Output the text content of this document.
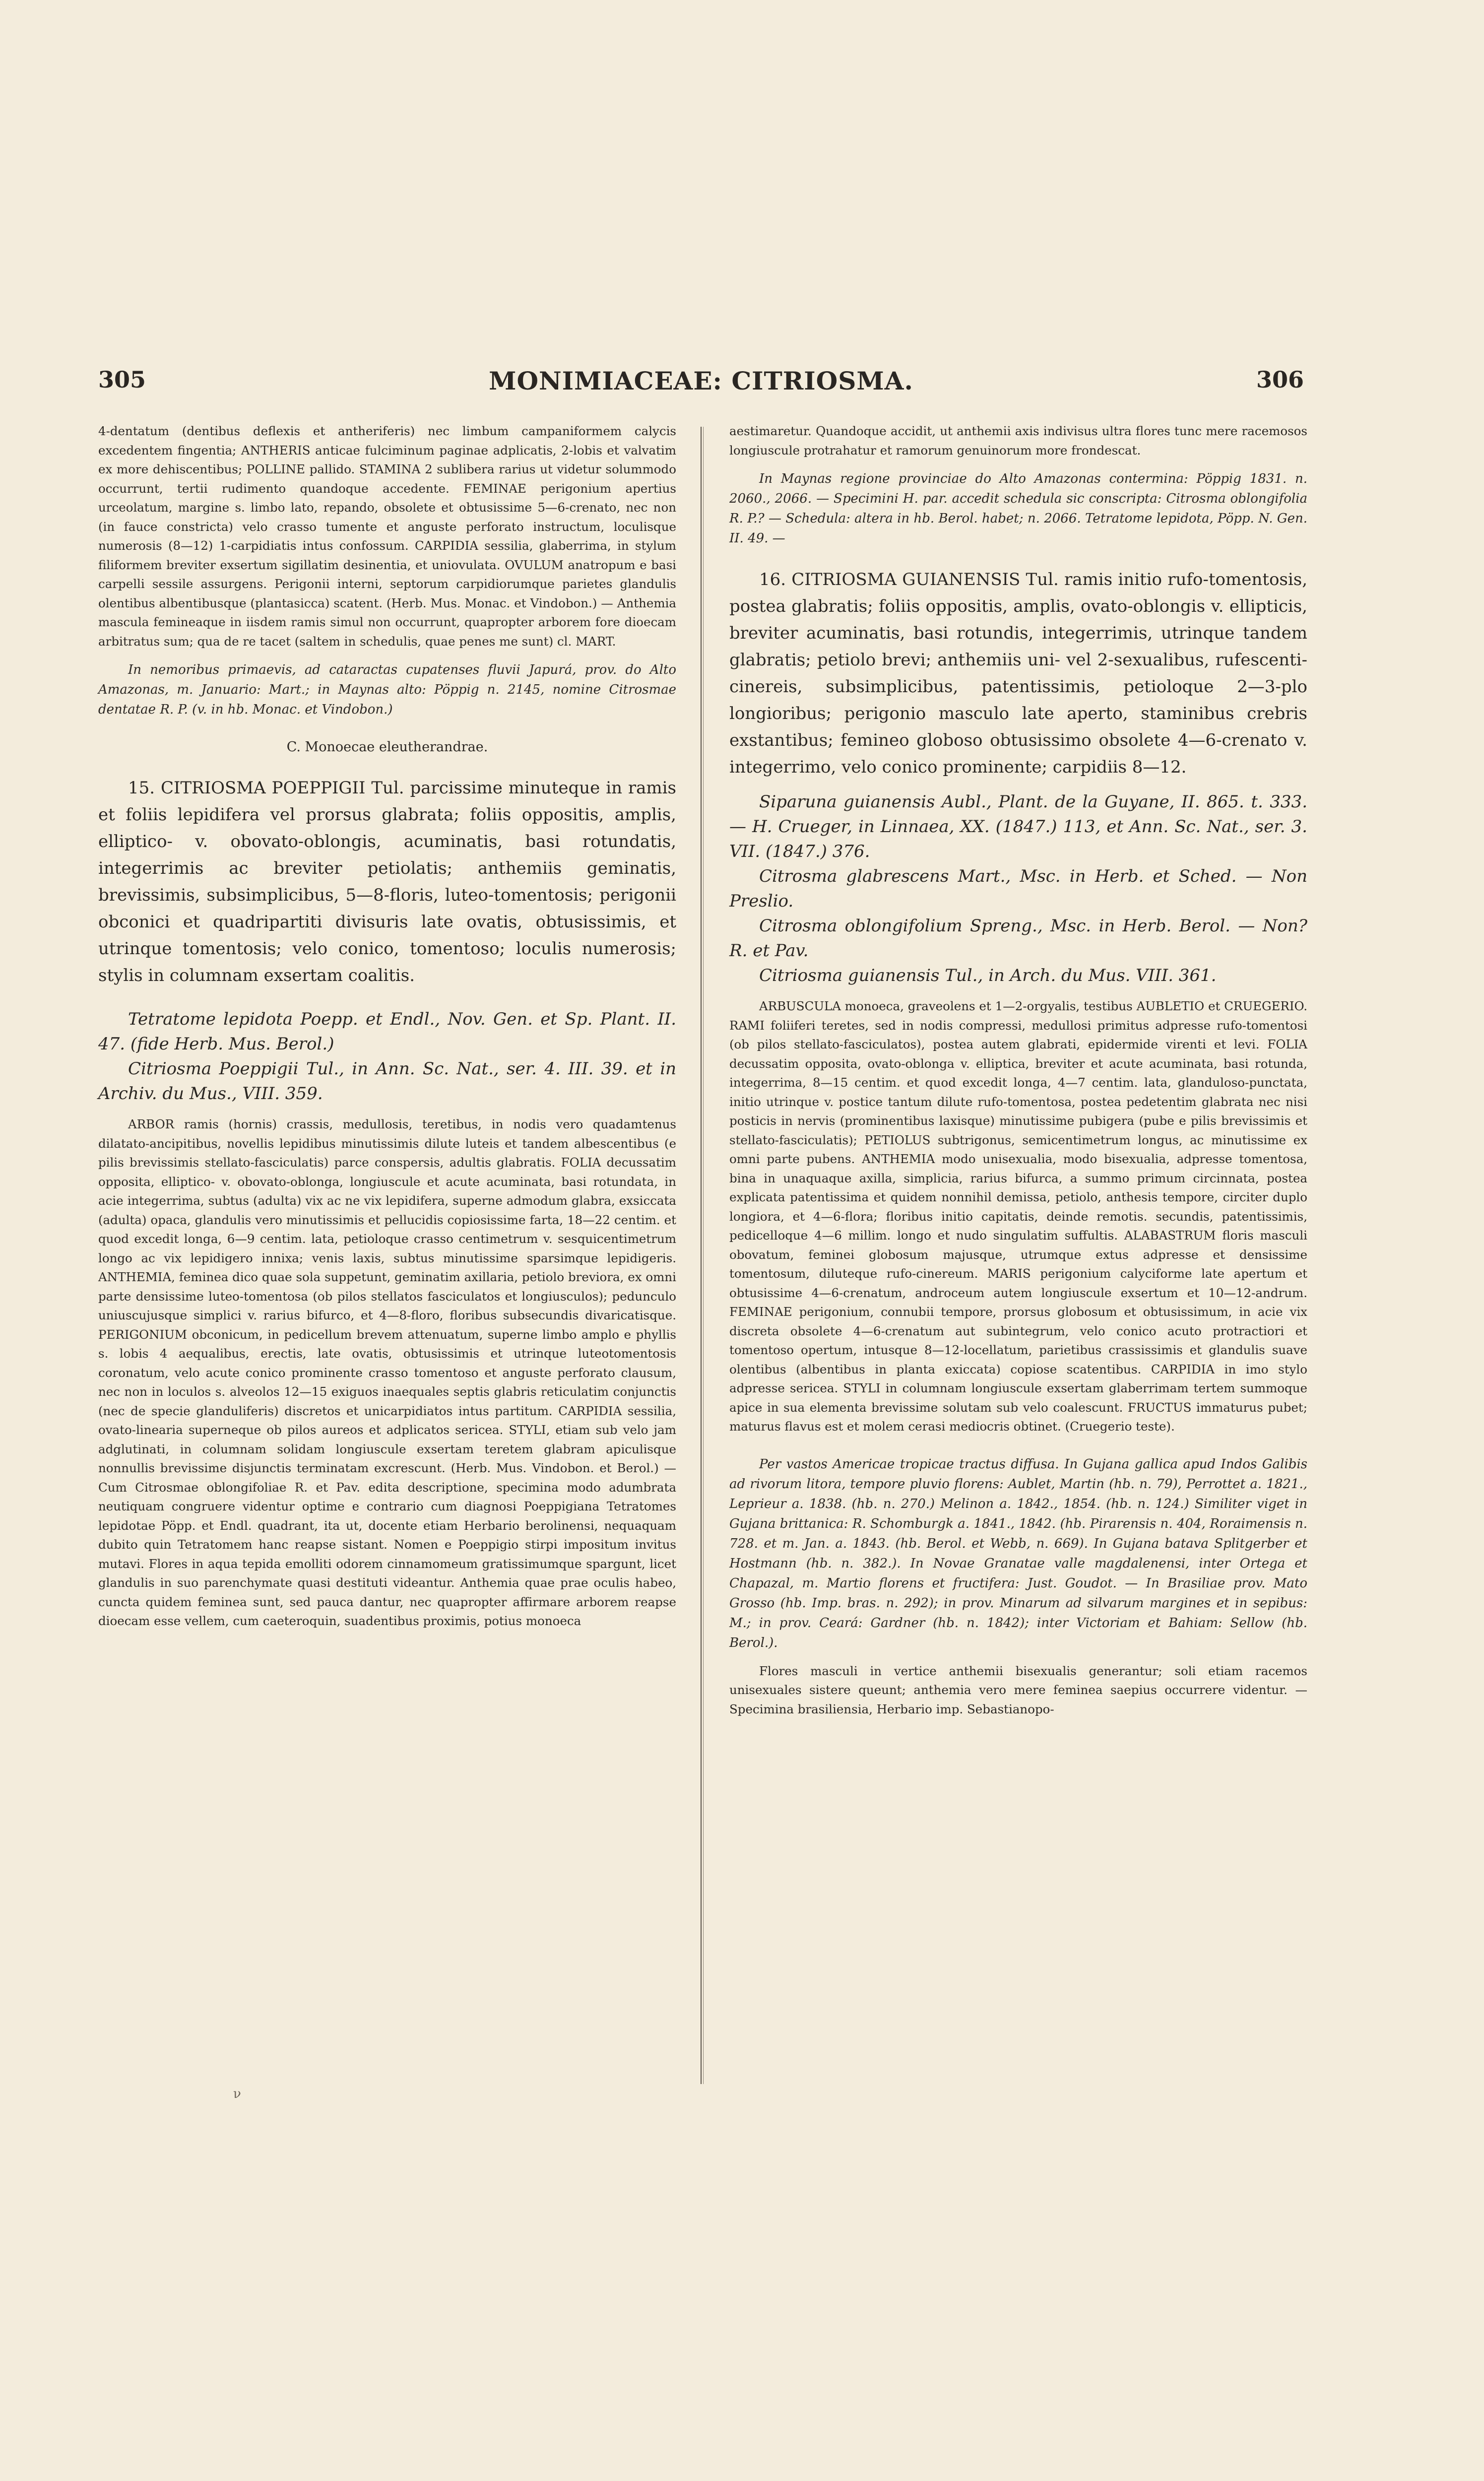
305	MONIMIACEAE: CITRIOSMA.	306

4-dentatum (dentibus deflexis et antheriferis) nec limbum campaniformem calycis excedentem fingentia; ANTHERIS anticae fulciminum paginae adplicatis, 2-lobis et valvatim ex more dehiscentibus; POLLINE pallido. STAMINA 2 sublibera rarius ut videtur solummodo occurrunt, tertii rudimento quandoque accedente. FEMINAE perigonium apertius urceolatum, margine s. limbo lato, repando, obsolete et obtusissime 5—6-crenato, nec non (in fauce constricta) velo crasso tumente et anguste perforato instructum, loculisque numerosis (8—12) 1-carpidiatis intus confossum. CARPIDIA sessilia, glaberrima, in stylum filiformem breviter exsertum sigillatim desinentia, et uniovulata. OVULUM anatropum e basi carpelli sessile assurgens. Perigonii interni, septorum carpidiorumque parietes glandulis olentibus albentibusque (plantasicca) scatent. (Herb. Mus. Monac. et Vindobon.) — Anthemia mascula femineaque in iisdem ramis simul non occurrunt, quapropter arborem fore dioecam arbitratus sum; qua de re tacet (saltem in schedulis, quae penes me sunt) cl. MART.

In nemoribus primaevis, ad cataractas cupatenses fluvii Japurá, prov. do Alto Amazonas, m. Januario: Mart.; in Maynas alto: Pöppig n. 2145, nomine Citrosmae dentatae R. P. (v. in hb. Monac. et Vindobon.)

C. Monoecae eleutherandrae.

15. CITRIOSMA POEPPIGII Tul. parcissime minuteque in ramis et foliis lepidifera vel prorsus glabrata; foliis oppositis, amplis, elliptico- v. obovato-oblongis, acuminatis, basi rotundatis, integerrimis ac breviter petiolatis; anthemiis geminatis, brevissimis, subsimplicibus, 5—8-floris, luteo-tomentosis; perigonii obconici et quadripartiti divisuris late ovatis, obtusissimis, et utrinque tomentosis; velo conico, tomentoso; loculis numerosis; stylis in columnam exsertam coalitis.

Tetratome lepidota Poepp. et Endl., Nov. Gen. et Sp. Plant. II. 47. (fide Herb. Mus. Berol.)

Citriosma Poeppigii Tul., in Ann. Sc. Nat., ser. 4. III. 39. et in Archiv. du Mus., VIII. 359.

ARBOR ramis (hornis) crassis, medullosis, teretibus, in nodis vero quadamtenus dilatato-ancipitibus, novellis lepidibus minutissimis dilute luteis et tandem albescentibus (e pilis brevissimis stellato-fasciculatis) parce conspersis, adultis glabratis. FOLIA decussatim opposita, elliptico- v. obovato-oblonga, longiuscule et acute acuminata, basi rotundata, in acie integerrima, subtus (adulta) vix ac ne vix lepidifera, superne admodum glabra, exsiccata (adulta) opaca, glandulis vero minutissimis et pellucidis copiosissime farta, 18—22 centim. et quod excedit longa, 6—9 centim. lata, petioloque crasso centimetrum v. sesquicentimetrum longo ac vix lepidigero innixa; venis laxis, subtus minutissime sparsimque lepidigeris. ANTHEMIA, feminea dico quae sola suppetunt, geminatim axillaria, petiolo breviora, ex omni parte densissime luteo-tomentosa (ob pilos stellatos fasciculatos et longiusculos); pedunculo uniuscujusque simplici v. rarius bifurco, et 4—8-floro, floribus subsecundis divaricatisque. PERIGONIUM obconicum, in pedicellum brevem attenuatum, superne limbo amplo e phyllis s. lobis 4 aequalibus, erectis, late ovatis, obtusissimis et utrinque luteotomentosis coronatum, velo acute conico prominente crasso tomentoso et anguste perforato clausum, nec non in loculos s. alveolos 12—15 exiguos inaequales septis glabris reticulatim conjunctis (nec de specie glanduliferis) discretos et unicarpidiatos intus partitum. CARPIDIA sessilia, ovato-linearia superneque ob pilos aureos et adplicatos sericea. STYLI, etiam sub velo jam adglutinati, in columnam solidam longiuscule exsertam teretem glabram apiculisque nonnullis brevissime disjunctis terminatam excrescunt. (Herb. Mus. Vindobon. et Berol.) — Cum Citrosmae oblongifoliae R. et Pav. edita descriptione, specimina modo adumbrata neutiquam congruere videntur optime e contrario cum diagnosi Poeppigiana Tetratomes lepidotae Pöpp. et Endl. quadrant, ita ut, docente etiam Herbario berolinensi, nequaquam dubito quin Tetratomem hanc reapse sistant. Nomen e Poeppigio stirpi impositum invitus mutavi. Flores in aqua tepida emolliti odorem cinnamomeum gratissimumque spargunt, licet glandulis in suo parenchymate quasi destituti videantur. Anthemia quae prae oculis habeo, cuncta quidem feminea sunt, sed pauca dantur, nec quapropter affirmare arborem reapse dioecam esse vellem, cum caeteroquin, suadentibus proximis, potius monoeca

ν

aestimaretur. Quandoque accidit, ut anthemii axis indivisus ultra flores tunc mere racemosos longiuscule protrahatur et ramorum genuinorum more frondescat.

In Maynas regione provinciae do Alto Amazonas contermina: Pöppig 1831. n. 2060., 2066. — Specimini H. par. accedit schedula sic conscripta: Citrosma oblongifolia R. P.? — Schedula: altera in hb. Berol. habet; n. 2066. Tetratome lepidota, Pöpp. N. Gen. II. 49. —

16. CITRIOSMA GUIANENSIS Tul. ramis initio rufo-tomentosis, postea glabratis; foliis oppositis, amplis, ovato-oblongis v. ellipticis, breviter acuminatis, basi rotundis, integerrimis, utrinque tandem glabratis; petiolo brevi; anthemiis uni- vel 2-sexualibus, rufescenti-cinereis, subsimplicibus, patentissimis, petioloque 2—3-plo longioribus; perigonio masculo late aperto, staminibus crebris exstantibus; femineo globoso obtusissimo obsolete 4—6-crenato v. integerrimo, velo conico prominente; carpidiis 8—12.

Siparuna guianensis Aubl., Plant. de la Guyane, II. 865. t. 333. — H. Crueger, in Linnaea, XX. (1847.) 113, et Ann. Sc. Nat., ser. 3. VII. (1847.) 376.

Citrosma glabrescens Mart., Msc. in Herb. et Sched. — Non Preslio.

Citrosma oblongifolium Spreng., Msc. in Herb. Berol. — Non? R. et Pav.

Citriosma guianensis Tul., in Arch. du Mus. VIII. 361.

ARBUSCULA monoeca, graveolens et 1—2-orgyalis, testibus AUBLETIO et CRUEGERIO. RAMI foliiferi teretes, sed in nodis compressi, medullosi primitus adpresse rufo-tomentosi (ob pilos stellato-fasciculatos), postea autem glabrati, epidermide virenti et levi. FOLIA decussatim opposita, ovato-oblonga v. elliptica, breviter et acute acuminata, basi rotunda, integerrima, 8—15 centim. et quod excedit longa, 4—7 centim. lata, glanduloso-punctata, initio utrinque v. postice tantum dilute rufo-tomentosa, postea pedetentim glabrata nec nisi posticis in nervis (prominentibus laxisque) minutissime pubigera (pube e pilis brevissimis et stellato-fasciculatis); PETIOLUS subtrigonus, semicentimetrum longus, ac minutissime ex omni parte pubens. ANTHEMIA modo unisexualia, modo bisexualia, adpresse tomentosa, bina in unaquaque axilla, simplicia, rarius bifurca, a summo primum circinnata, postea explicata patentissima et quidem nonnihil demissa, petiolo, anthesis tempore, circiter duplo longiora, et 4—6-flora; floribus initio capitatis, deinde remotis. secundis, patentissimis, pedicelloque 4—6 millim. longo et nudo singulatim suffultis. ALABASTRUM floris masculi obovatum, feminei globosum majusque, utrumque extus adpresse et densissime tomentosum, diluteque rufo-cinereum. MARIS perigonium calyciforme late apertum et obtusissime 4—6-crenatum, androceum autem longiuscule exsertum et 10—12-andrum. FEMINAE perigonium, connubii tempore, prorsus globosum et obtusissimum, in acie vix discreta obsolete 4—6-crenatum aut subintegrum, velo conico acuto protractiori et tomentoso opertum, intusque 8—12-locellatum, parietibus crassissimis et glandulis suave olentibus (albentibus in planta exiccata) copiose scatentibus. CARPIDIA in imo stylo adpresse sericea. STYLI in columnam longiuscule exsertam glaberrimam tertem summoque apice in sua elementa brevissime solutam sub velo coalescunt. FRUCTUS immaturus pubet; maturus flavus est et molem cerasi mediocris obtinet. (Cruegerio teste).

Per vastos Americae tropicae tractus diffusa. In Gujana gallica apud Indos Galibis ad rivorum litora, tempore pluvio florens: Aublet, Martin (hb. n. 79), Perrottet a. 1821., Leprieur a. 1838. (hb. n. 270.) Melinon a. 1842., 1854. (hb. n. 124.) Similiter viget in Gujana brittanica: R. Schomburgk a. 1841., 1842. (hb. Pirarensis n. 404, Roraimensis n. 728. et m. Jan. a. 1843. (hb. Berol. et Webb, n. 669). In Gujana batava Splitgerber et Hostmann (hb. n. 382.). In Novae Granatae valle magdalenensi, inter Ortega et Chapazal, m. Martio florens et fructifera: Just. Goudot. — In Brasiliae prov. Mato Grosso (hb. Imp. bras. n. 292); in prov. Minarum ad silvarum margines et in sepibus: M.; in prov. Ceará: Gardner (hb. n. 1842); inter Victoriam et Bahiam: Sellow (hb. Berol.).

Flores masculi in vertice anthemii bisexualis generantur; soli etiam racemos unisexuales sistere queunt; anthemia vero mere feminea saepius occurrere videntur. — Specimina brasiliensia, Herbario imp. Sebastianopo-
